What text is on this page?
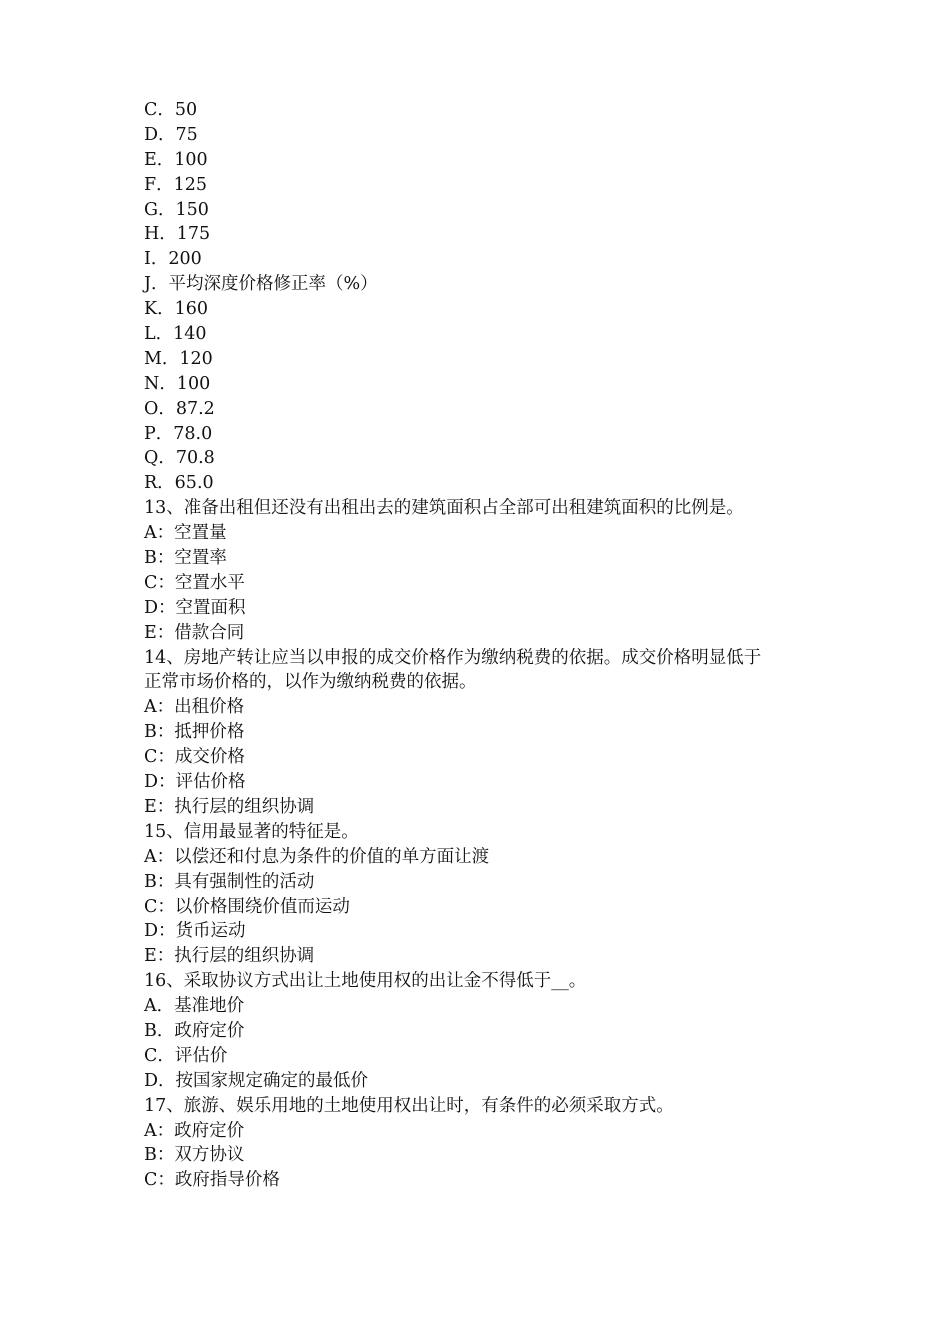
C．50
D．75
E．100
F．125
G．150
H．175
I．200
J．平均深度价格修正率（%）
K．160
L．140
M．120
N．100
O．87.2
P．78.0
Q．70.8
R．65.0
13、准备出租但还没有出租出去的建筑面积占全部可出租建筑面积的比例是。
A：空置量
B：空置率
C：空置水平
D：空置面积
E：借款合同
14、房地产转让应当以申报的成交价格作为缴纳税费的依据。成交价格明显低于
正常市场价格的，以作为缴纳税费的依据。
A：出租价格
B：抵押价格
C：成交价格
D：评估价格
E：执行层的组织协调
15、信用最显著的特征是。
A：以偿还和付息为条件的价值的单方面让渡
B：具有强制性的活动
C：以价格围绕价值而运动
D：货币运动
E：执行层的组织协调
16、采取协议方式出让土地使用权的出让金不得低于__。
A．基准地价
B．政府定价
C．评估价
D．按国家规定确定的最低价
17、旅游、娱乐用地的土地使用权出让时，有条件的必须采取方式。
A：政府定价
B：双方协议
C：政府指导价格
